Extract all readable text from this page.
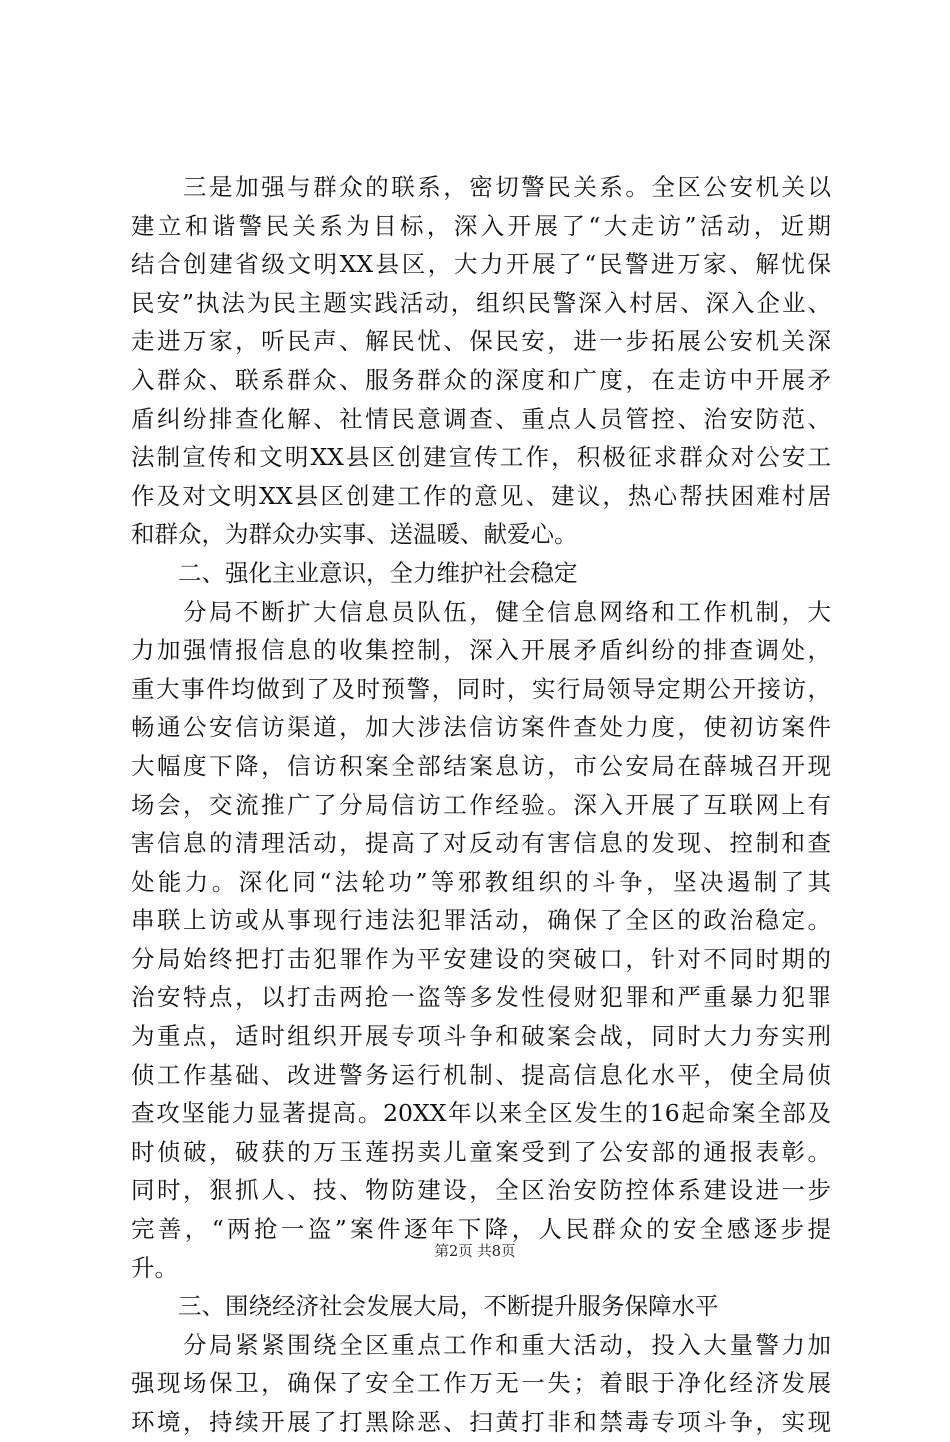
　　三是加强与群众的联系，密切警民关系。全区公安机关以
建立和谐警民关系为目标，深入开展了“大走访”活动，近期
结合创建省级文明XX县区，大力开展了“民警进万家、解忧保
民安”执法为民主题实践活动，组织民警深入村居、深入企业、
走进万家，听民声、解民忧、保民安，进一步拓展公安机关深
入群众、联系群众、服务群众的深度和广度，在走访中开展矛
盾纠纷排查化解、社情民意调查、重点人员管控、治安防范、
法制宣传和文明XX县区创建宣传工作，积极征求群众对公安工
作及对文明XX县区创建工作的意见、建议，热心帮扶困难村居
和群众，为群众办实事、送温暖、献爱心。
　　二、强化主业意识，全力维护社会稳定
　　分局不断扩大信息员队伍，健全信息网络和工作机制，大
力加强情报信息的收集控制，深入开展矛盾纠纷的排查调处，
重大事件均做到了及时预警，同时，实行局领导定期公开接访，
畅通公安信访渠道，加大涉法信访案件查处力度，使初访案件
大幅度下降，信访积案全部结案息访，市公安局在薛城召开现
场会，交流推广了分局信访工作经验。深入开展了互联网上有
害信息的清理活动，提高了对反动有害信息的发现、控制和查
处能力。深化同“法轮功”等邪教组织的斗争，坚决遏制了其
串联上访或从事现行违法犯罪活动，确保了全区的政治稳定。
分局始终把打击犯罪作为平安建设的突破口，针对不同时期的
治安特点，以打击两抢一盗等多发性侵财犯罪和严重暴力犯罪
为重点，适时组织开展专项斗争和破案会战，同时大力夯实刑
侦工作基础、改进警务运行机制、提高信息化水平，使全局侦
查攻坚能力显著提高。20XX年以来全区发生的16起命案全部及
时侦破，破获的万玉莲拐卖儿童案受到了公安部的通报表彰。
同时，狠抓人、技、物防建设，全区治安防控体系建设进一步
完善，“两抢一盗”案件逐年下降，人民群众的安全感逐步提
升。
　　三、围绕经济社会发展大局，不断提升服务保障水平
　　分局紧紧围绕全区重点工作和重大活动，投入大量警力加
强现场保卫，确保了安全工作万无一失；着眼于净化经济发展
环境，持续开展了打黑除恶、扫黄打非和禁毒专项斗争，实现
第2页 共8页
